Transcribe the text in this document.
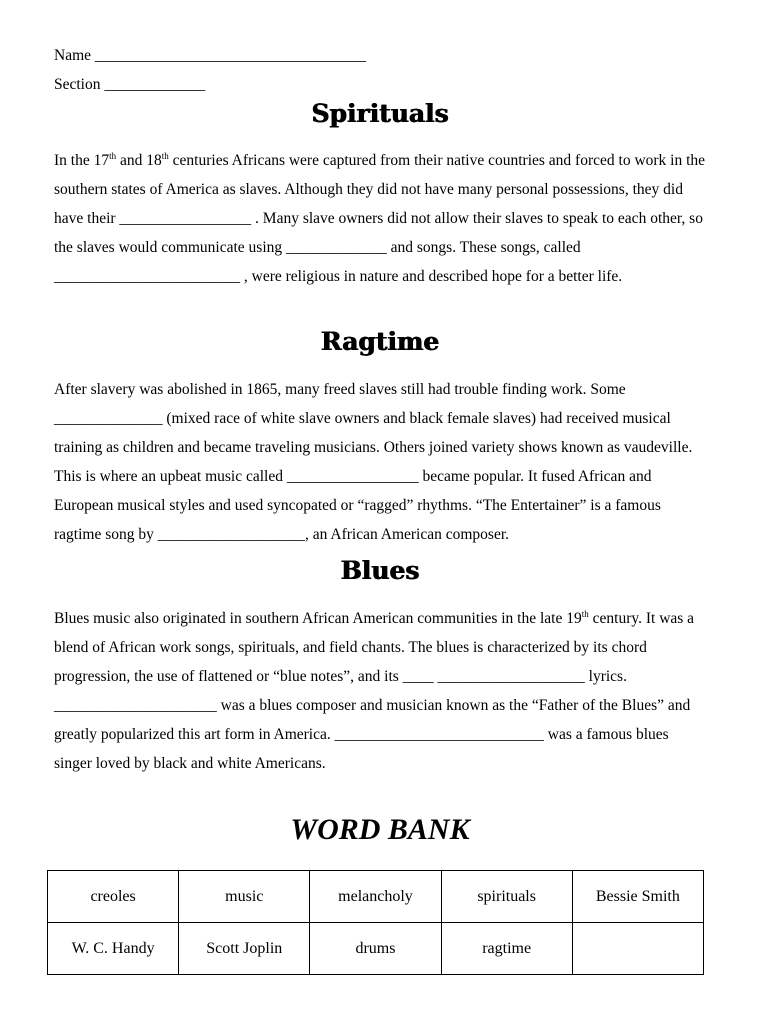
Name ___________________________________
Section _____________
Spirituals

In the 17th and 18th centuries Africans were captured from their native countries and forced to work in the southern states of America as slaves. Although they did not have many personal possessions, they did have their _________________ . Many slave owners did not allow their slaves to speak to each other, so the slaves would communicate using _____________ and songs. These songs, called ________________________ , were religious in nature and described hope for a better life.

Ragtime

After slavery was abolished in 1865, many freed slaves still had trouble finding work. Some ______________ (mixed race of white slave owners and black female slaves) had received musical training as children and became traveling musicians. Others joined variety shows known as vaudeville. This is where an upbeat music called _________________ became popular. It fused African and European musical styles and used syncopated or “ragged” rhythms. “The Entertainer” is a famous ragtime song by ___________________, an African American composer.

Blues

Blues music also originated in southern African American communities in the late 19th century. It was a blend of African work songs, spirituals, and field chants. The blues is characterized by its chord progression, the use of flattened or “blue notes”, and its ____ ___________________ lyrics. _____________________ was a blues composer and musician known as the “Father of the Blues” and greatly popularized this art form in America. ___________________________ was a famous blues singer loved by black and white Americans.

WORD BANK
creoles	music	melancholy	spirituals	Bessie Smith
W. C. Handy	Scott Joplin	drums	ragtime	
